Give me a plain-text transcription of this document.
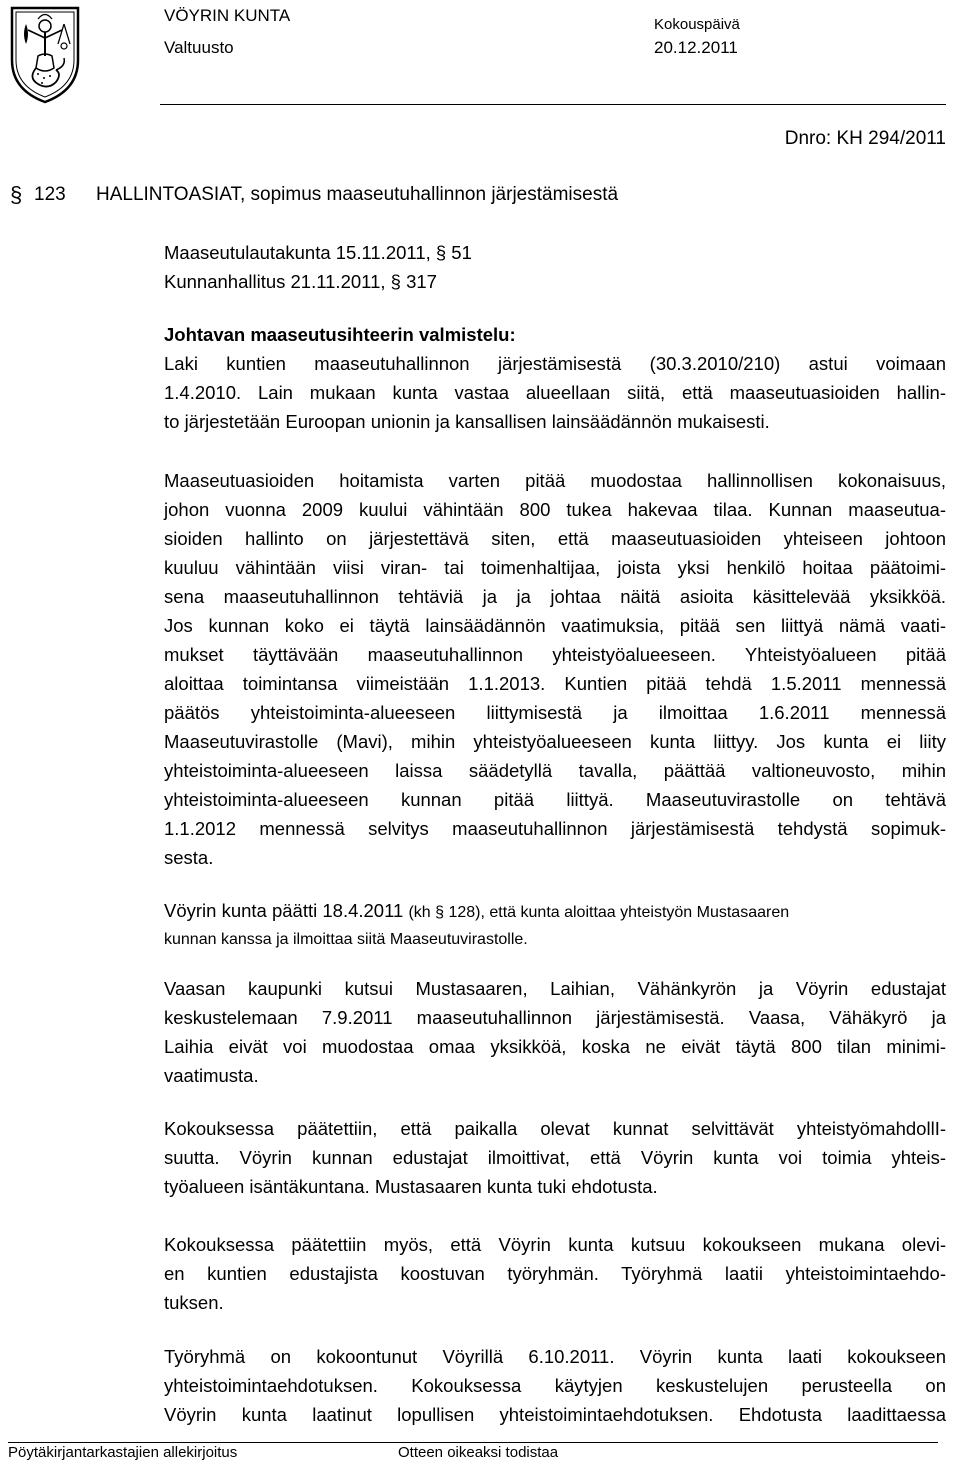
VÖYRIN KUNTA
Valtuusto
Kokouspäivä
20.12.2011
Dnro: KH 294/2011
§ 123 HALLINTOASIAT, sopimus maaseutuhallinnon järjestämisestä
Maaseutulautakunta 15.11.2011, § 51
Kunnanhallitus 21.11.2011, § 317
Johtavan maaseutusihteerin valmistelu:
Laki kuntien maaseutuhallinnon järjestämisestä (30.3.2010/210) astui voimaan
1.4.2010. Lain mukaan kunta vastaa alueellaan siitä, että maaseutuasioiden hallin-
to järjestetään Euroopan unionin ja kansallisen lainsäädännön mukaisesti.
Maaseutuasioiden hoitamista varten pitää muodostaa hallinnollisen kokonaisuus,
johon vuonna 2009 kuului vähintään 800 tukea hakevaa tilaa. Kunnan maaseutua-
sioiden hallinto on järjestettävä siten, että maaseutuasioiden yhteiseen johtoon
kuuluu vähintään viisi viran- tai toimenhaltijaa, joista yksi henkilö hoitaa päätoimi-
sena maaseutuhallinnon tehtäviä ja ja johtaa näitä asioita käsittelevää yksikköä.
Jos kunnan koko ei täytä lainsäädännön vaatimuksia, pitää sen liittyä nämä vaati-
mukset täyttävään maaseutuhallinnon yhteistyöalueeseen. Yhteistyöalueen pitää
aloittaa toimintansa viimeistään 1.1.2013. Kuntien pitää tehdä 1.5.2011 mennessä
päätös yhteistoiminta-alueeseen liittymisestä ja ilmoittaa 1.6.2011 mennessä
Maaseutuvirastolle (Mavi), mihin yhteistyöalueeseen kunta liittyy. Jos kunta ei liity
yhteistoiminta-alueeseen laissa säädetyllä tavalla, päättää valtioneuvosto, mihin
yhteistoiminta-alueeseen kunnan pitää liittyä. Maaseutuvirastolle on tehtävä
1.1.2012 mennessä selvitys maaseutuhallinnon järjestämisestä tehdystä sopimuk-
sesta.
Vöyrin kunta päätti 18.4.2011 (kh § 128), että kunta aloittaa yhteistyön Mustasaaren
kunnan kanssa ja ilmoittaa siitä Maaseutuvirastolle.
Vaasan kaupunki kutsui Mustasaaren, Laihian, Vähänkyrön ja Vöyrin edustajat
keskustelemaan 7.9.2011 maaseutuhallinnon järjestämisestä. Vaasa, Vähäkyrö ja
Laihia eivät voi muodostaa omaa yksikköä, koska ne eivät täytä 800 tilan minimi-
vaatimusta.
Kokouksessa päätettiin, että paikalla olevat kunnat selvittävät yhteistyömahdollI-
suutta. Vöyrin kunnan edustajat ilmoittivat, että Vöyrin kunta voi toimia yhteis-
työalueen isäntäkuntana. Mustasaaren kunta tuki ehdotusta.
Kokouksessa päätettiin myös, että Vöyrin kunta kutsuu kokoukseen mukana olevi-
en kuntien edustajista koostuvan työryhmän. Työryhmä laatii yhteistoimintaehdo-
tuksen.
Työryhmä on kokoontunut Vöyrillä 6.10.2011. Vöyrin kunta laati kokoukseen
yhteistoimintaehdotuksen. Kokouksessa käytyjen keskustelujen perusteella on
Vöyrin kunta laatinut lopullisen yhteistoimintaehdotuksen. Ehdotusta laadittaessa
Pöytäkirjantarkastajien allekirjoitus	Otteen oikeaksi todistaa
